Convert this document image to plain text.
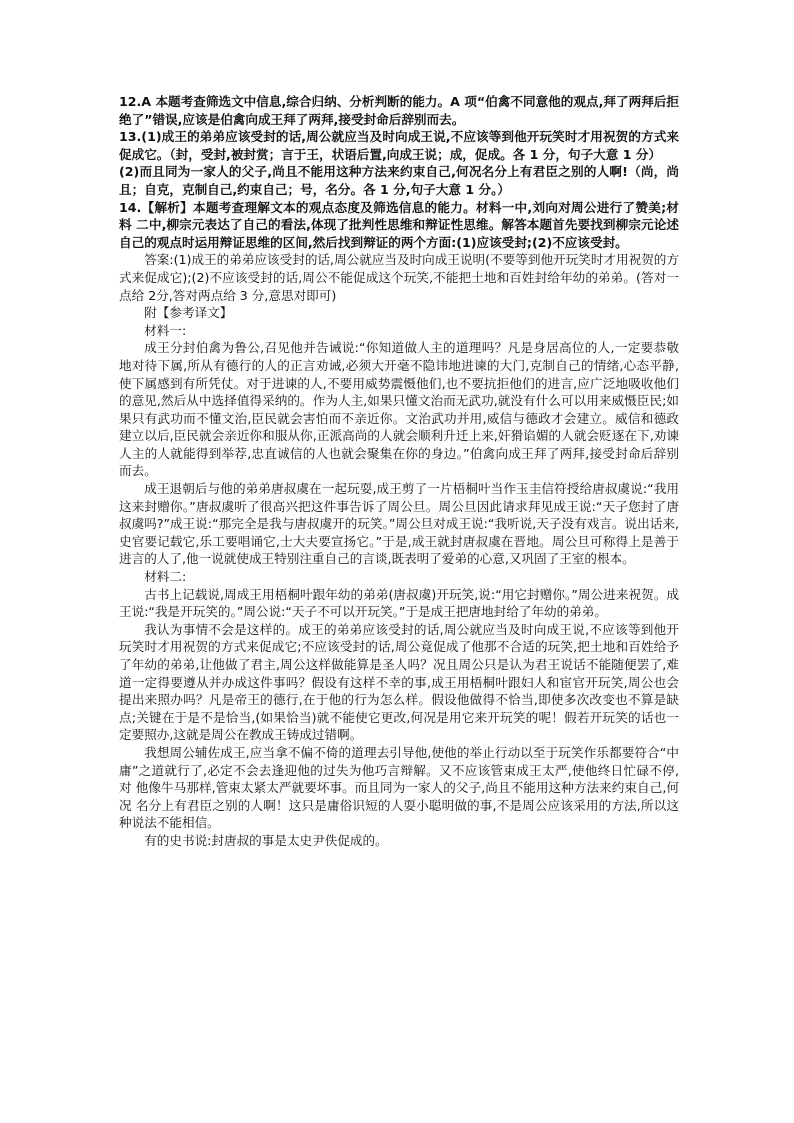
12.A 本题考查筛选文中信息,综合归纳、分析判断的能力。A 项“伯禽不同意他的观点,拜了两拜后拒绝了”错误,应该是伯禽向成王拜了两拜,接受封命后辞别而去。

13.(1)成王的弟弟应该受封的话,周公就应当及时向成王说,不应该等到他开玩笑时才用祝贺的方式来促成它。（封，受封,被封赏；言于王，状语后置,向成王说；成，促成。各 1 分，句子大意 1 分）

(2)而且同为一家人的父子,尚且不能用这种方法来约束自己,何况名分上有君臣之别的人啊!（尚，尚且；自克，克制自己,约束自己；号，名分。各 1 分,句子大意 1 分。）

14.【解析】本题考查理解文本的观点态度及筛选信息的能力。材料一中,刘向对周公进行了赞美;材料 二中,柳宗元表达了自己的看法,体现了批判性思维和辩证性思维。解答本题首先要找到柳宗元论述自己的观点时运用辩证思维的区间,然后找到辩证的两个方面:(1)应该受封;(2)不应该受封。

答案:(1)成王的弟弟应该受封的话,周公就应当及时向成王说明(不要等到他开玩笑时才用祝贺的方式来促成它);(2)不应该受封的话,周公不能促成这个玩笑,不能把土地和百姓封给年幼的弟弟。(答对一点给 2分,答对两点给 3 分,意思对即可)

附【参考译文】

材料一:

成王分封伯禽为鲁公,召见他并告诫说:“你知道做人主的道理吗？凡是身居高位的人,一定要恭敬地对待下属,所从有德行的人的正言劝诫,必须大开毫不隐讳地进谏的大门,克制自己的情绪,心态平静,使下属感到有所凭仗。对于进谏的人,不要用威势震慑他们,也不要抗拒他们的进言,应广泛地吸收他们的意见,然后从中选择值得采纳的。作为人主,如果只懂文治而无武功,就没有什么可以用来威慑臣民;如果只有武功而不懂文治,臣民就会害怕而不亲近你。文治武功并用,威信与德政才会建立。威信和德政建立以后,臣民就会亲近你和服从你,正派高尚的人就会顺利升迁上来,奸猾谄媚的人就会贬逐在下,劝谏人主的人就能得到举荐,忠直诚信的人也就会聚集在你的身边。”伯禽向成王拜了两拜,接受封命后辞别而去。

成王退朝后与他的弟弟唐叔虞在一起玩耍,成王剪了一片梧桐叶当作玉圭信符授给唐叔虞说:“我用这来封赠你。”唐叔虞听了很高兴把这件事告诉了周公旦。周公旦因此请求拜见成王说:“天子您封了唐叔虞吗?”成王说:“那完全是我与唐叔虞开的玩笑。”周公旦对成王说:“我听说,天子没有戏言。说出话来,史官要记载它,乐工要唱诵它,士大夫要宣扬它。”于是,成王就封唐叔虞在晋地。周公旦可称得上是善于进言的人了,他一说就使成王特别注重自己的言谈,既表明了爱弟的心意,又巩固了王室的根本。

材料二:

古书上记载说,周成王用梧桐叶跟年幼的弟弟(唐叔虞)开玩笑,说:“用它封赠你。”周公进来祝贺。成王说:“我是开玩笑的。”周公说:“天子不可以开玩笑。”于是成王把唐地封给了年幼的弟弟。

我认为事情不会是这样的。成王的弟弟应该受封的话,周公就应当及时向成王说,不应该等到他开玩笑时才用祝贺的方式来促成它;不应该受封的话,周公竟促成了他那不合适的玩笑,把土地和百姓给予了年幼的弟弟,让他做了君主,周公这样做能算是圣人吗？况且周公只是认为君王说话不能随便罢了,难道一定得要遵从并办成这件事吗？假设有这样不幸的事,成王用梧桐叶跟妇人和宦官开玩笑,周公也会提出来照办吗？凡是帝王的德行,在于他的行为怎么样。假设他做得不恰当,即使多次改变也不算是缺点;关键在于是不是恰当,(如果恰当)就不能使它更改,何况是用它来开玩笑的呢！假若开玩笑的话也一定要照办,这就是周公在教成王铸成过错啊。

我想周公辅佐成王,应当拿不偏不倚的道理去引导他,使他的举止行动以至于玩笑作乐都要符合“中庸”之道就行了,必定不会去逢迎他的过失为他巧言辩解。又不应该管束成王太严,使他终日忙碌不停,对 他像牛马那样,管束太紧太严就要坏事。而且同为一家人的父子,尚且不能用这种方法来约束自己,何况 名分上有君臣之别的人啊！这只是庸俗识短的人耍小聪明做的事,不是周公应该采用的方法,所以这种说法不能相信。

有的史书说:封唐叔的事是太史尹佚促成的。
